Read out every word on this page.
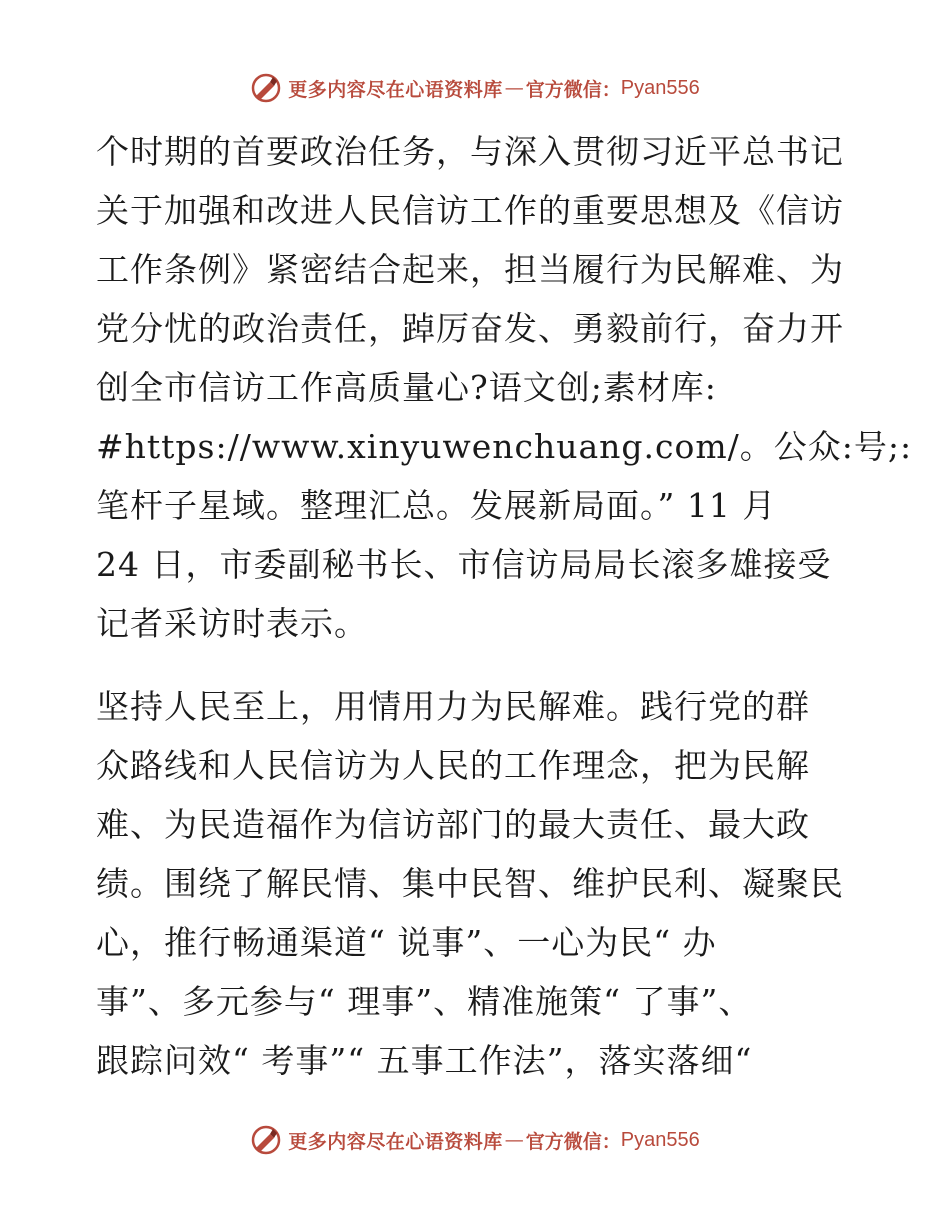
更多内容尽在心语资料库 — 官方微信： Pyan556
个时期的首要政治任务，与深入贯彻习近平总书记
关于加强和改进人民信访工作的重要思想及《信访
工作条例》紧密结合起来，担当履行为民解难、为
党分忧的政治责任，踔厉奋发、勇毅前行，奋力开
创全市信访工作高质量心?语文创;素材库:
#https://www.xinyuwenchuang.com/。公众:号;:
笔杆子星域。整理汇总。发展新局面。” 11 月
24 日，市委副秘书长、市信访局局长滚多雄接受
记者采访时表示。
坚持人民至上，用情用力为民解难。践行党的群
众路线和人民信访为人民的工作理念，把为民解
难、为民造福作为信访部门的最大责任、最大政
绩。围绕了解民情、集中民智、维护民利、凝聚民
心，推行畅通渠道“ 说事”、一心为民“ 办
事”、多元参与“ 理事”、精准施策“ 了事”、
跟踪问效“ 考事”“ 五事工作法”，落实落细“
更多内容尽在心语资料库 — 官方微信： Pyan556
